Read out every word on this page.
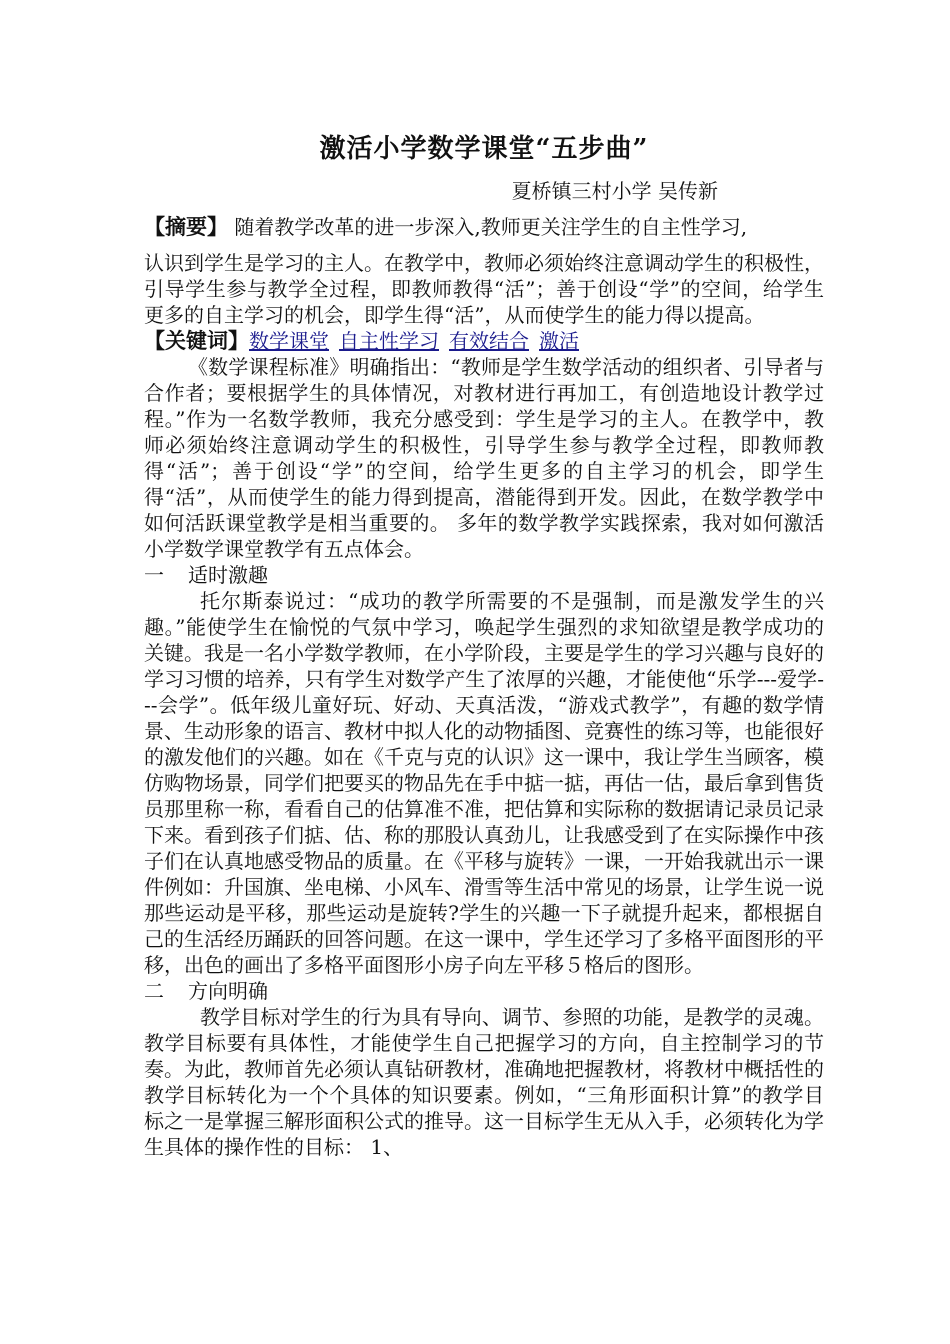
激活小学数学课堂“五步曲”
夏桥镇三村小学 吴传新

【摘要】 随着教学改革的进一步深入,教师更关注学生的自主性学习,

认识到学生是学习的主人。在教学中，教师必须始终注意调动学生的积极性，引导学生参与教学全过程，即教师教得“活”；善于创设“学”的空间，给学生更多的自主学习的机会，即学生得“活”，从而使学生的能力得以提高。

【关键词】数学课堂 自主性学习 有效结合 激活

《数学课程标准》明确指出：“教师是学生数学活动的组织者、引导者与合作者；要根据学生的具体情况，对教材进行再加工，有创造地设计教学过程。”作为一名数学教师，我充分感受到：学生是学习的主人。在教学中，教师必须始终注意调动学生的积极性，引导学生参与教学全过程，即教师教得“活”；善于创设“学”的空间，给学生更多的自主学习的机会，即学生得“活”，从而使学生的能力得到提高，潜能得到开发。因此，在数学教学中如何活跃课堂教学是相当重要的。 多年的数学教学实践探索，我对如何激活小学数学课堂教学有五点体会。

一 适时激趣

托尔斯泰说过：“成功的教学所需要的不是强制，而是激发学生的兴趣。”能使学生在愉悦的气氛中学习，唤起学生强烈的求知欲望是教学成功的关键。我是一名小学数学教师，在小学阶段，主要是学生的学习兴趣与良好的学习习惯的培养，只有学生对数学产生了浓厚的兴趣，才能使他“乐学---爱学---会学”。低年级儿童好玩、好动、天真活泼，“游戏式教学”，有趣的数学情景、生动形象的语言、教材中拟人化的动物插图、竞赛性的练习等，也能很好的激发他们的兴趣。如在《千克与克的认识》这一课中，我让学生当顾客，模仿购物场景，同学们把要买的物品先在手中掂一掂，再估一估，最后拿到售货员那里称一称，看看自己的估算准不准，把估算和实际称的数据请记录员记录下来。看到孩子们掂、估、称的那股认真劲儿，让我感受到了在实际操作中孩子们在认真地感受物品的质量。在《平移与旋转》一课，一开始我就出示一课件例如：升国旗、坐电梯、小风车、滑雪等生活中常见的场景，让学生说一说那些运动是平移，那些运动是旋转?学生的兴趣一下子就提升起来，都根据自己的生活经历踊跃的回答问题。在这一课中，学生还学习了多格平面图形的平移，出色的画出了多格平面图形小房子向左平移５格后的图形。

二 方向明确

教学目标对学生的行为具有导向、调节、参照的功能，是教学的灵魂。教学目标要有具体性，才能使学生自己把握学习的方向，自主控制学习的节奏。为此，教师首先必须认真钻研教材，准确地把握教材，将教材中概括性的教学目标转化为一个个具体的知识要素。例如，“三角形面积计算”的教学目标之一是掌握三解形面积公式的推导。这一目标学生无从入手，必须转化为学生具体的操作性的目标： 1、
